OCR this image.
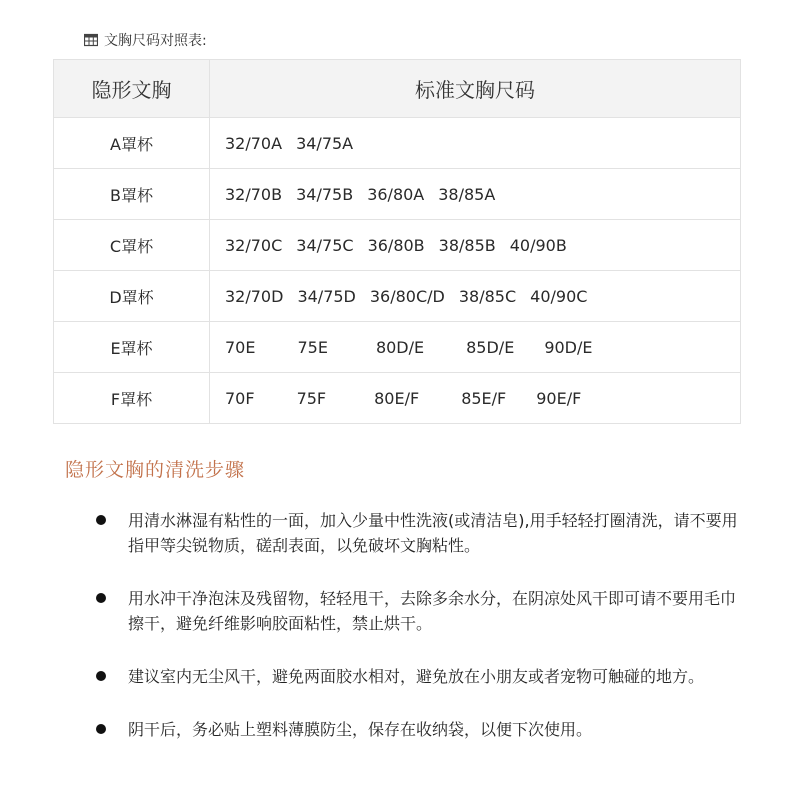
文胸尺码对照表:
隐形文胸	标准文胸尺码
A罩杯	32/70A 34/75A

B罩杯	32/70B 34/75B 36/80A 38/85A

C罩杯	32/70C 34/75C 36/80B 38/85B 40/90B

D罩杯	32/70D 34/75D 36/80C/D 38/85C 40/90C

E罩杯	70E 75E 80D/E 85D/E 90D/E

F罩杯	70F 75F 80E/F 85E/F 90E/F
隐形文胸的清洗步骤
用清水淋湿有粘性的一面，加入少量中性洗液(或清洁皂),用手轻轻打圈清洗，请不要用指甲等尖锐物质，磋刮表面，以免破坏文胸粘性。
用水冲干净泡沫及残留物，轻轻甩干，去除多余水分，在阴凉处风干即可请不要用毛巾擦干，避免纤维影响胶面粘性，禁止烘干。
建议室内无尘风干，避免两面胶水相对，避免放在小朋友或者宠物可触碰的地方。
阴干后，务必贴上塑料薄膜防尘，保存在收纳袋，以便下次使用。
